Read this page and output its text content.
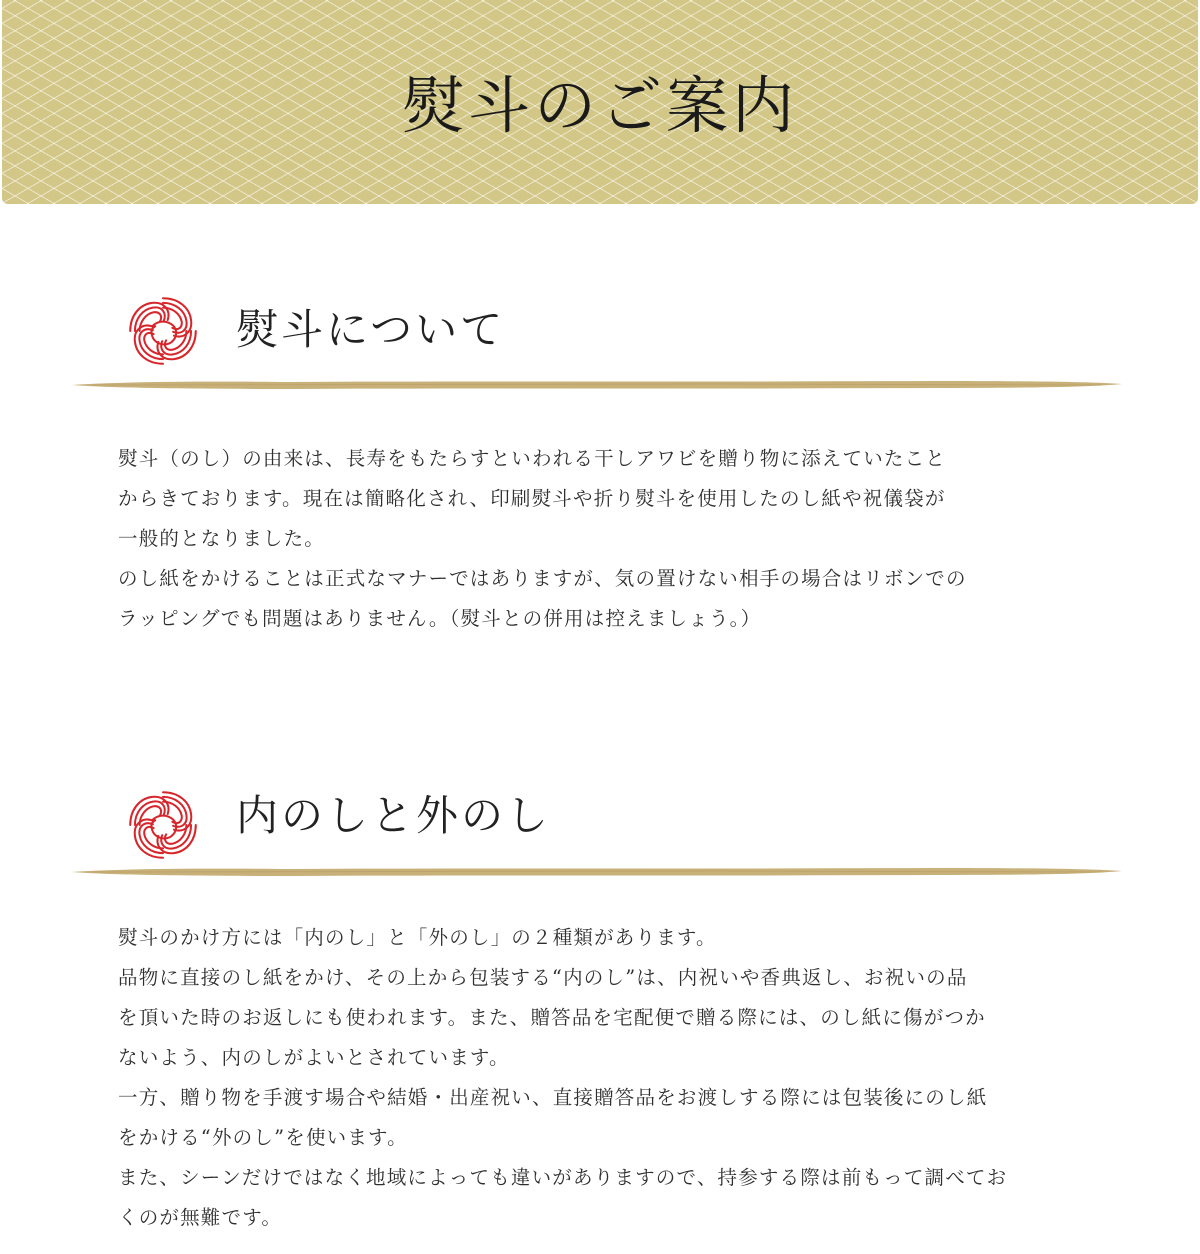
熨斗のご案内
熨斗について
熨斗（のし）の由来は、長寿をもたらすといわれる干しアワビを贈り物に添えていたこと
からきております。現在は簡略化され、印刷熨斗や折り熨斗を使用したのし紙や祝儀袋が
一般的となりました。
のし紙をかけることは正式なマナーではありますが、気の置けない相手の場合はリボンでの
ラッピングでも問題はありません。（熨斗との併用は控えましょう。）
内のしと外のし
熨斗のかけ方には「内のし」と「外のし」の２種類があります。
品物に直接のし紙をかけ、その上から包装する“内のし”は、内祝いや香典返し、お祝いの品
を頂いた時のお返しにも使われます。また、贈答品を宅配便で贈る際には、のし紙に傷がつか
ないよう、内のしがよいとされています。
一方、贈り物を手渡す場合や結婚・出産祝い、直接贈答品をお渡しする際には包装後にのし紙
をかける“外のし”を使います。
また、シーンだけではなく地域によっても違いがありますので、持参する際は前もって調べてお
くのが無難です。
